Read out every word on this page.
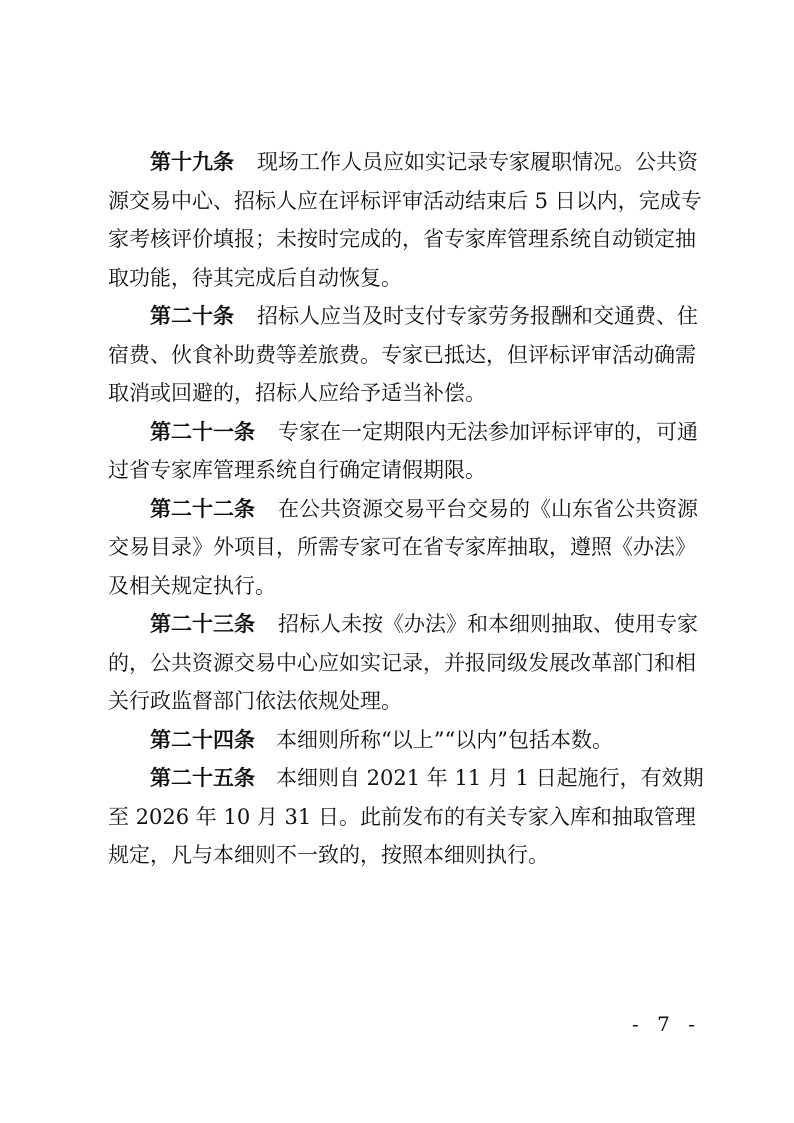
第十九条 现场工作人员应如实记录专家履职情况。公共资
源交易中心、招标人应在评标评审活动结束后 5 日以内，完成专
家考核评价填报；未按时完成的，省专家库管理系统自动锁定抽
取功能，待其完成后自动恢复。
第二十条 招标人应当及时支付专家劳务报酬和交通费、住
宿费、伙食补助费等差旅费。专家已抵达，但评标评审活动确需
取消或回避的，招标人应给予适当补偿。
第二十一条 专家在一定期限内无法参加评标评审的，可通
过省专家库管理系统自行确定请假期限。
第二十二条 在公共资源交易平台交易的《山东省公共资源
交易目录》外项目，所需专家可在省专家库抽取，遵照《办法》
及相关规定执行。
第二十三条 招标人未按《办法》和本细则抽取、使用专家
的，公共资源交易中心应如实记录，并报同级发展改革部门和相
关行政监督部门依法依规处理。
第二十四条 本细则所称“以上”“以内”包括本数。
第二十五条 本细则自 2021 年 11 月 1 日起施行，有效期
至 2026 年 10 月 31 日。此前发布的有关专家入库和抽取管理
规定，凡与本细则不一致的，按照本细则执行。
- 7 -
